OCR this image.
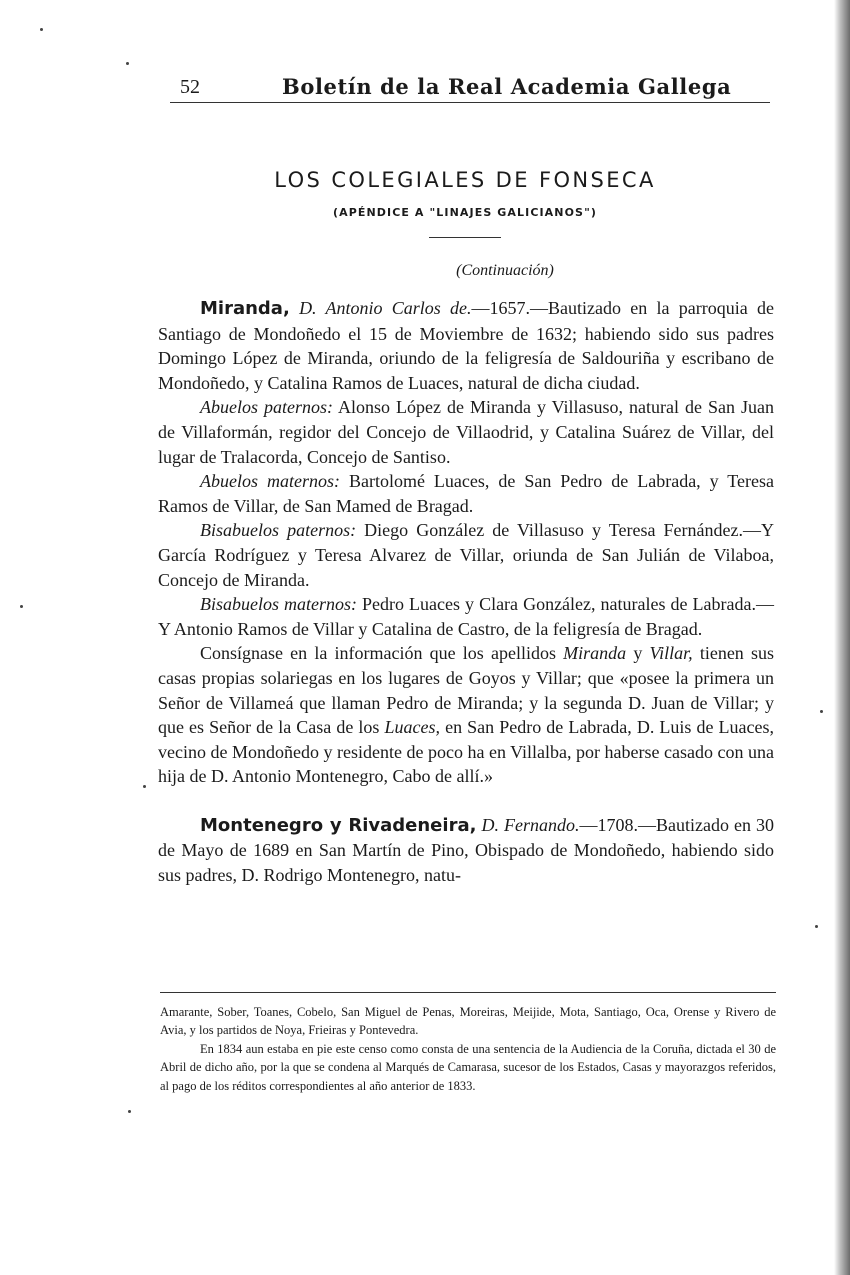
52	Boletín de la Real Academia Gallega
LOS COLEGIALES DE FONSECA
(APÉNDICE A "LINAJES GALICIANOS")
(Continuación)

Miranda, D. Antonio Carlos de.—1657.—Bautizado en la parroquia de Santiago de Mondoñedo el 15 de Moviembre de 1632; habiendo sido sus padres Domingo López de Miranda, oriundo de la feligresía de Saldouriña y escribano de Mondoñedo, y Catalina Ramos de Luaces, natural de dicha ciudad.

Abuelos paternos: Alonso López de Miranda y Villasuso, natural de San Juan de Villaformán, regidor del Concejo de Villaodrid, y Catalina Suárez de Villar, del lugar de Tralacorda, Concejo de Santiso.

Abuelos maternos: Bartolomé Luaces, de San Pedro de Labrada, y Teresa Ramos de Villar, de San Mamed de Bragad.

Bisabuelos paternos: Diego González de Villasuso y Teresa Fernández.—Y García Rodríguez y Teresa Alvarez de Villar, oriunda de San Julián de Vilaboa, Concejo de Miranda.

Bisabuelos maternos: Pedro Luaces y Clara González, naturales de Labrada.—Y Antonio Ramos de Villar y Catalina de Castro, de la feligresía de Bragad.

Consígnase en la información que los apellidos Miranda y Villar, tienen sus casas propias solariegas en los lugares de Goyos y Villar; que «posee la primera un Señor de Villameá que llaman Pedro de Miranda; y la segunda D. Juan de Villar; y que es Señor de la Casa de los Luaces, en San Pedro de Labrada, D. Luis de Luaces, vecino de Mondoñedo y residente de poco ha en Villalba, por haberse casado con una hija de D. Antonio Montenegro, Cabo de allí.»

Montenegro y Rivadeneira, D. Fernando.—1708.—Bautizado en 30 de Mayo de 1689 en San Martín de Pino, Obispado de Mondoñedo, habiendo sido sus padres, D. Rodrigo Montenegro, natu-

Amarante, Sober, Toanes, Cobelo, San Miguel de Penas, Moreiras, Meijide, Mota, Santiago, Oca, Orense y Rivero de Avia, y los partidos de Noya, Frieiras y Pontevedra.

En 1834 aun estaba en pie este censo como consta de una sentencia de la Audiencia de la Coruña, dictada el 30 de Abril de dicho año, por la que se condena al Marqués de Camarasa, sucesor de los Estados, Casas y mayorazgos referidos, al pago de los réditos correspondientes al año anterior de 1833.
